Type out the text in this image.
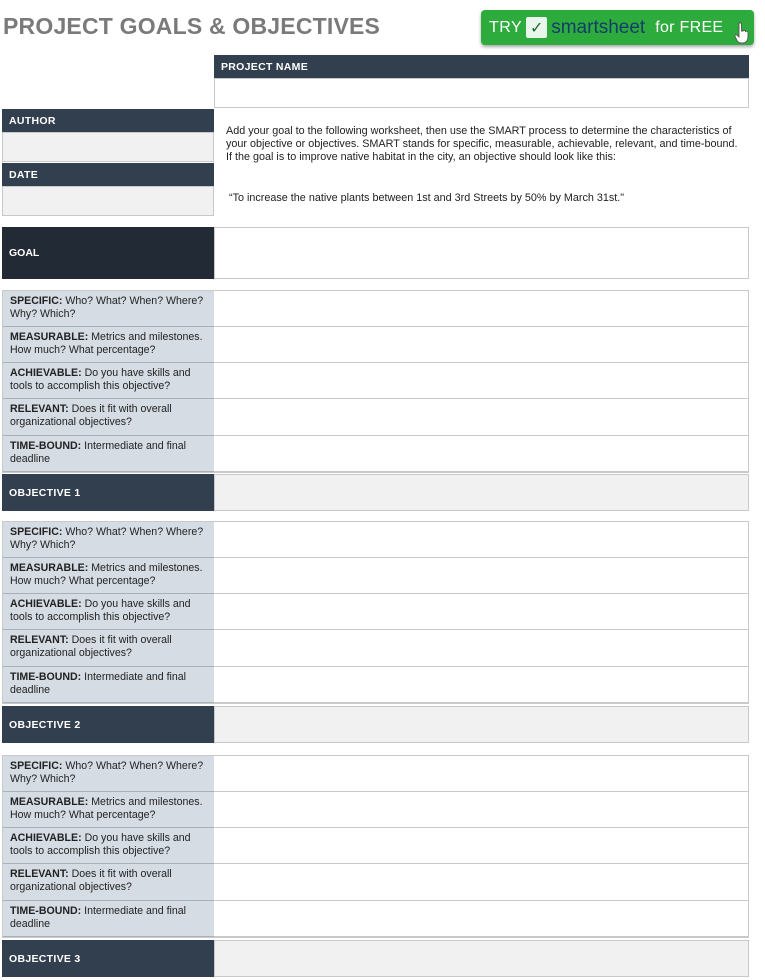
PROJECT GOALS & OBJECTIVES	TRY ✓ smartsheet for FREE
PROJECT NAME
AUTHOR
DATE
Add your goal to the following worksheet, then use the SMART process to determine the characteristics of your objective or objectives. SMART stands for specific, measurable, achievable, relevant, and time-bound. If the goal is to improve native habitat in the city, an objective should look like this:
“To increase the native plants between 1st and 3rd Streets by 50% by March 31st."
GOAL
SPECIFIC: Who? What? When? Where? Why? Which?
MEASURABLE: Metrics and milestones. How much? What percentage?
ACHIEVABLE: Do you have skills and tools to accomplish this objective?
RELEVANT: Does it fit with overall organizational objectives?
TIME-BOUND: Intermediate and final deadline
OBJECTIVE 1
SPECIFIC: Who? What? When? Where? Why? Which?
MEASURABLE: Metrics and milestones. How much? What percentage?
ACHIEVABLE: Do you have skills and tools to accomplish this objective?
RELEVANT: Does it fit with overall organizational objectives?
TIME-BOUND: Intermediate and final deadline
OBJECTIVE 2
SPECIFIC: Who? What? When? Where? Why? Which?
MEASURABLE: Metrics and milestones. How much? What percentage?
ACHIEVABLE: Do you have skills and tools to accomplish this objective?
RELEVANT: Does it fit with overall organizational objectives?
TIME-BOUND: Intermediate and final deadline
OBJECTIVE 3
